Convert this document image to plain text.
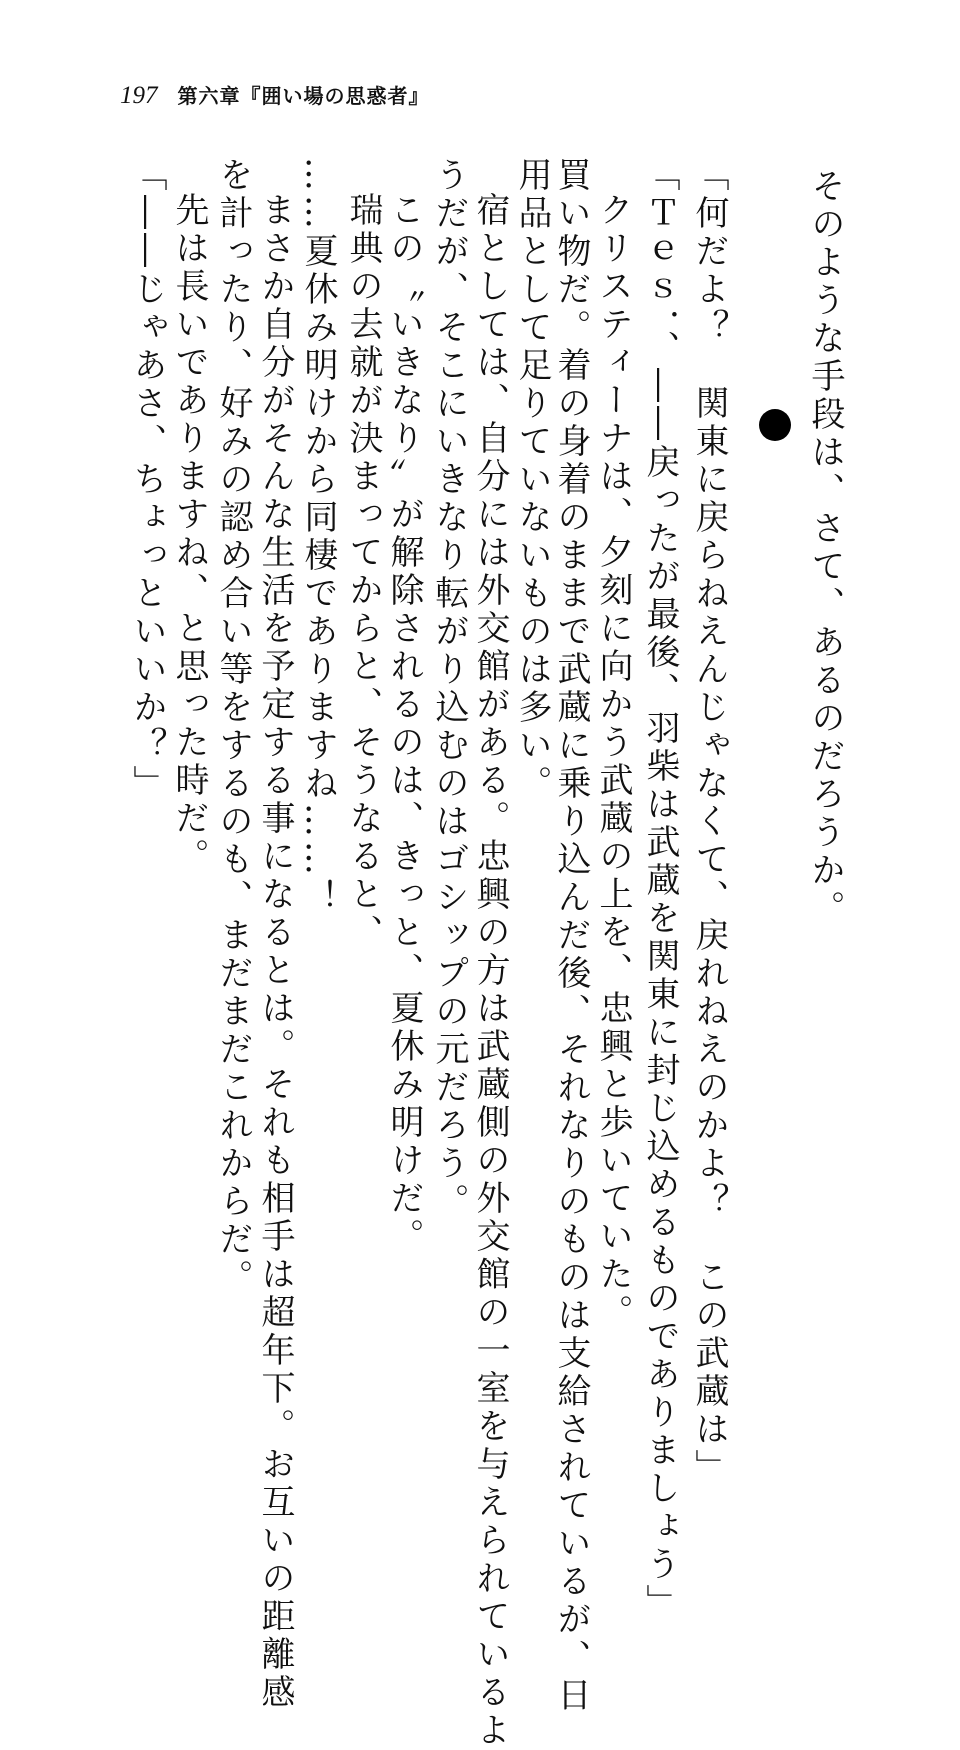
197 第六章『囲い場の思惑者』
そのような手段は、さて、あるのだろうか。
「何だよ？　関東に戻らねえんじゃなくて、戻れねえのかよ？　この武蔵は」
「Ｔｅｓ．、――戻ったが最後、羽柴は武蔵を関東に封じ込めるものでありましょう」
クリスティーナは、夕刻に向かう武蔵の上を、忠興と歩いていた。
買い物だ。着の身着のままで武蔵に乗り込んだ後、それなりのものは支給されているが、日
用品として足りていないものは多い。
宿としては、自分には外交館がある。忠興の方は武蔵側の外交館の一室を与えられているよ
うだが、そこにいきなり転がり込むのはゴシップの元だろう。
この〝いきなり〟が解除されるのは、きっと、夏休み明けだ。
瑞典の去就が決まってからと、そうなると、
……夏休み明けから同棲でありますね……！
まさか自分がそんな生活を予定する事になるとは。それも相手は超年下。お互いの距離感
を計ったり、好みの認め合い等をするのも、まだまだこれからだ。
先は長いでありますね、と思った時だ。
「――じゃあさ、ちょっといいか？」
